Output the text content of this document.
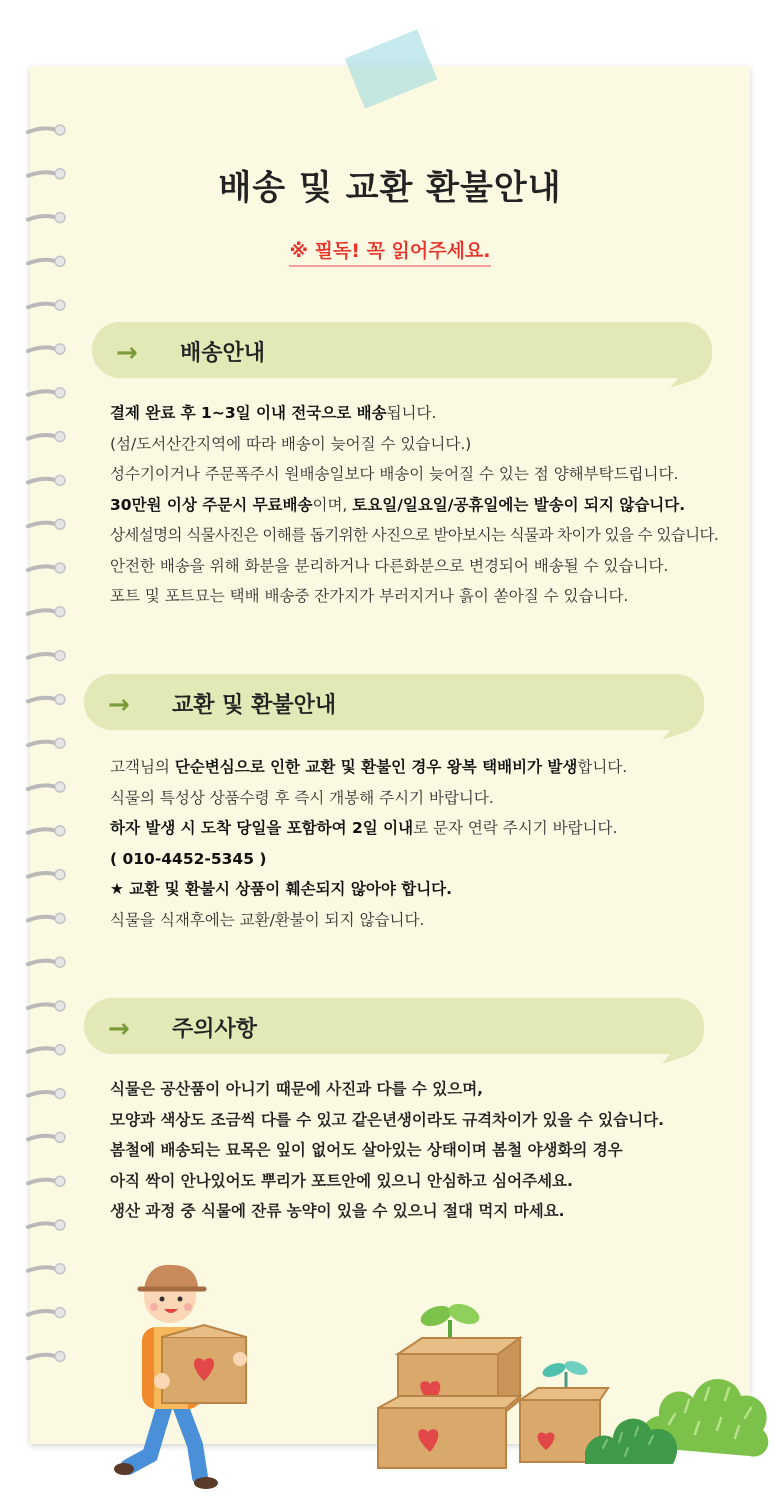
배송 및 교환 환불안내
※ 필독! 꼭 읽어주세요.
→ 배송안내
결제 완료 후 1~3일 이내 전국으로 배송됩니다.
(섬/도서산간지역에 따라 배송이 늦어질 수 있습니다.)
성수기이거나 주문폭주시 원배송일보다 배송이 늦어질 수 있는 점 양해부탁드립니다.
30만원 이상 주문시 무료배송이며, 토요일/일요일/공휴일에는 발송이 되지 않습니다.
상세설명의 식물사진은 이해를 돕기위한 사진으로 받아보시는 식물과 차이가 있을 수 있습니다.
안전한 배송을 위해 화분을 분리하거나 다른화분으로 변경되어 배송될 수 있습니다.
포트 및 포트묘는 택배 배송중 잔가지가 부러지거나 흙이 쏟아질 수 있습니다.
→ 교환 및 환불안내
고객님의 단순변심으로 인한 교환 및 환불인 경우 왕복 택배비가 발생합니다.
식물의 특성상 상품수령 후 즉시 개봉해 주시기 바랍니다.
하자 발생 시 도착 당일을 포함하여 2일 이내로 문자 연락 주시기 바랍니다.
( 010-4452-5345 )
★ 교환 및 환불시 상품이 훼손되지 않아야 합니다.
식물을 식재후에는 교환/환불이 되지 않습니다.
→ 주의사항
식물은 공산품이 아니기 때문에 사진과 다를 수 있으며,
모양과 색상도 조금씩 다를 수 있고 같은년생이라도 규격차이가 있을 수 있습니다.
봄철에 배송되는 묘목은 잎이 없어도 살아있는 상태이며 봄철 야생화의 경우
아직 싹이 안나있어도 뿌리가 포트안에 있으니 안심하고 심어주세요.
생산 과정 중 식물에 잔류 농약이 있을 수 있으니 절대 먹지 마세요.
